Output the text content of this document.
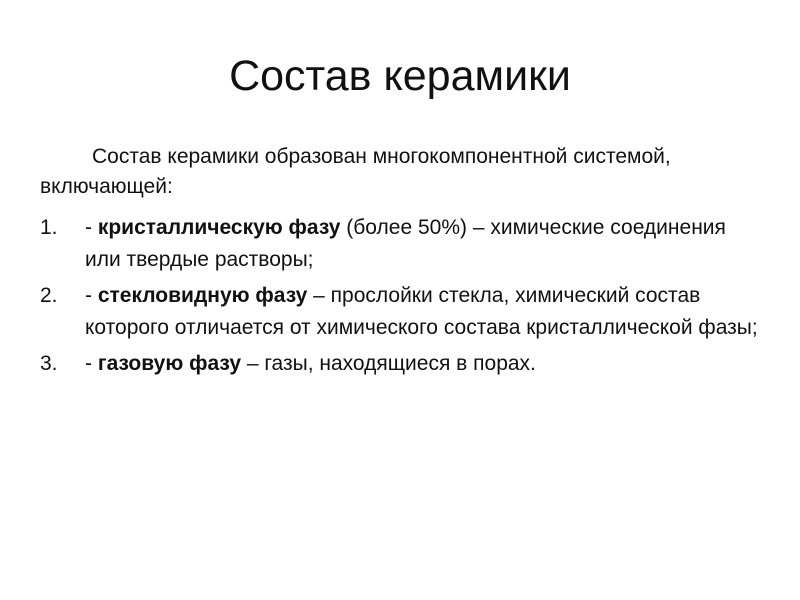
Состав керамики

Состав керамики образован многокомпонентной системой, включающей:

1.	- кристаллическую фазу (более 50%) – химические соединения или твердые растворы;
2.	- стекловидную фазу – прослойки стекла, химический состав которого отличается от химического состава кристаллической фазы;
3.	- газовую фазу – газы, находящиеся в порах.
